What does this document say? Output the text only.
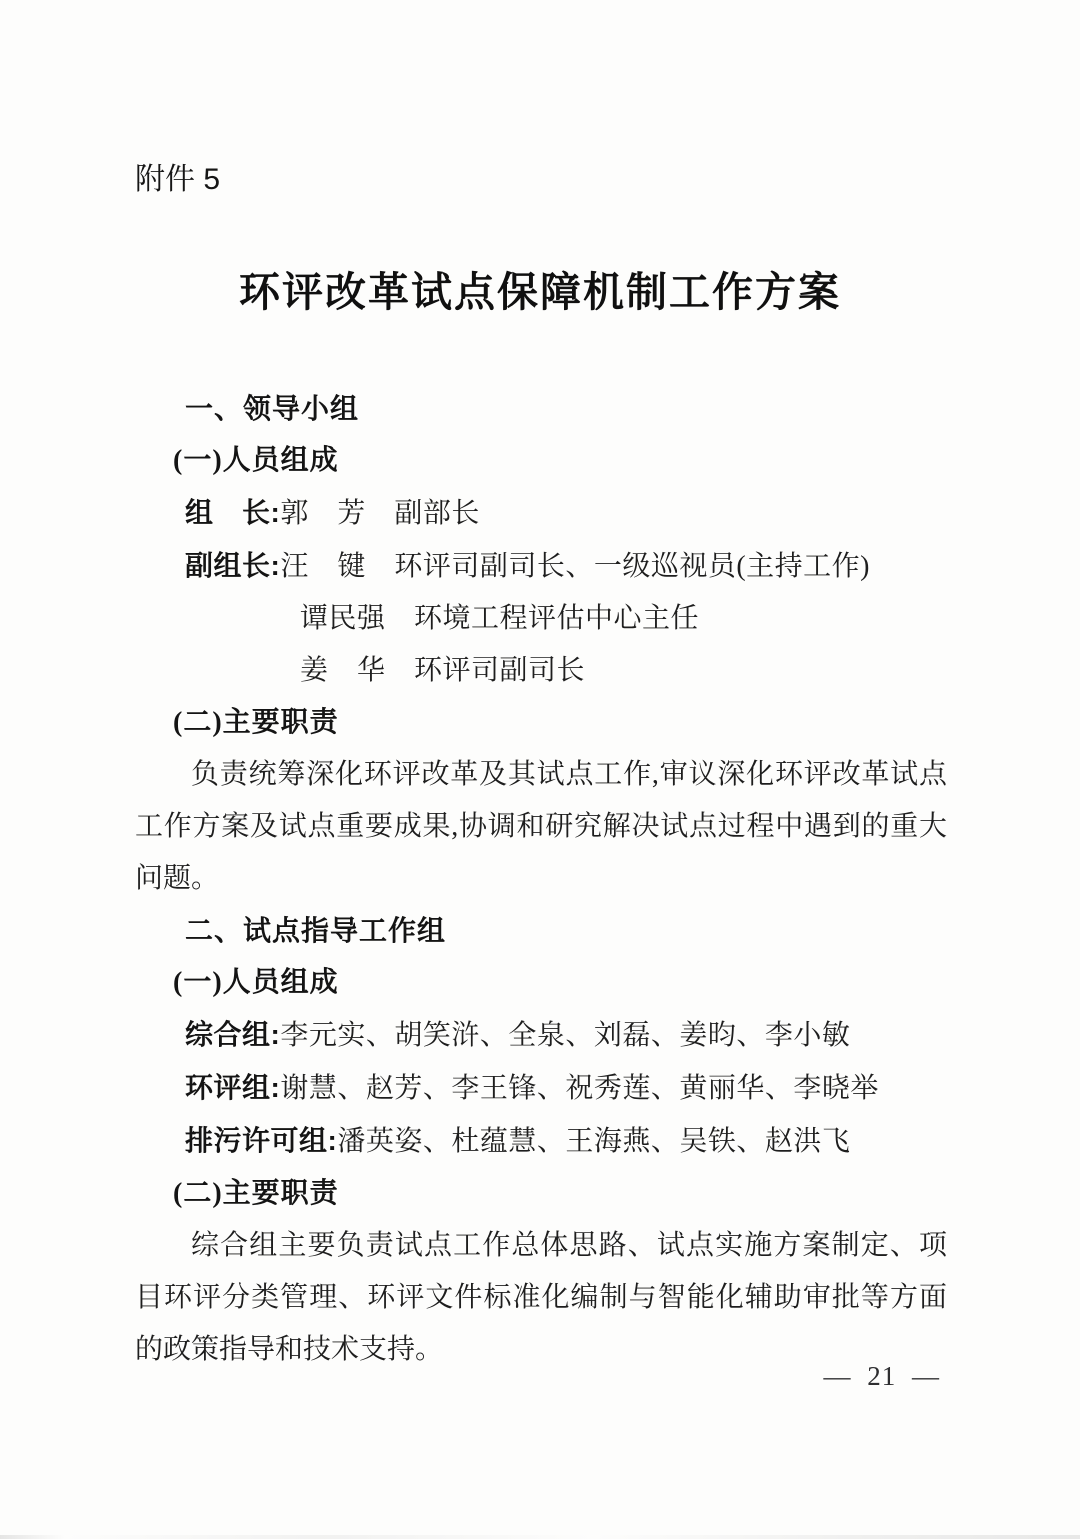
附件 5
环评改革试点保障机制工作方案
一、领导小组
(一)人员组成
组　长:郭　芳　副部长
副组长:汪　键　环评司副司长、一级巡视员(主持工作)
谭民强　环境工程评估中心主任
姜　华　环评司副司长
(二)主要职责
负责统筹深化环评改革及其试点工作,审议深化环评改革试点
工作方案及试点重要成果,协调和研究解决试点过程中遇到的重大
问题。
二、试点指导工作组
(一)人员组成
综合组:李元实、胡笑浒、全泉、刘磊、姜昀、李小敏
环评组:谢慧、赵芳、李王锋、祝秀莲、黄丽华、李晓举
排污许可组:潘英姿、杜蕴慧、王海燕、吴铁、赵洪飞
(二)主要职责
综合组主要负责试点工作总体思路、试点实施方案制定、项
目环评分类管理、环评文件标准化编制与智能化辅助审批等方面
的政策指导和技术支持。
— 21 —
